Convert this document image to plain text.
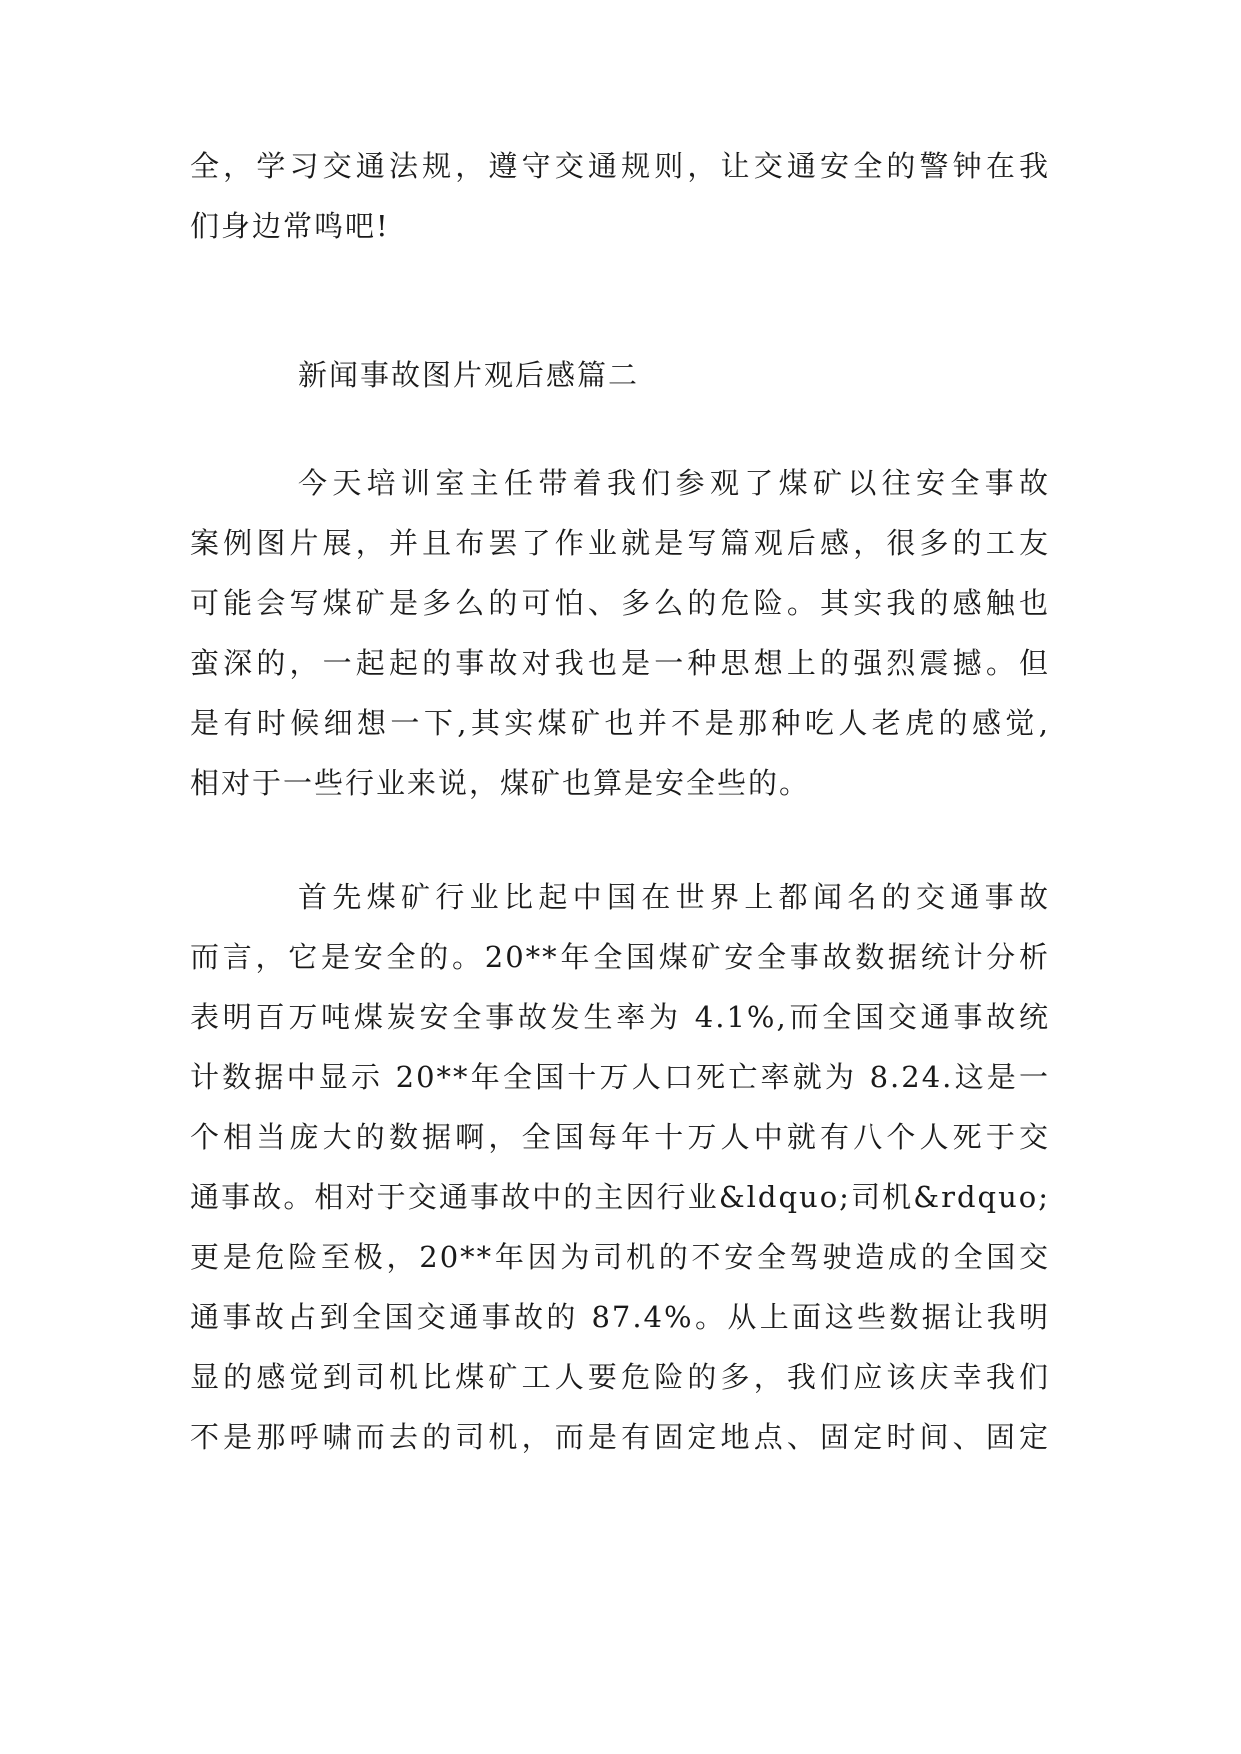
全，学习交通法规，遵守交通规则，让交通安全的警钟在我
们身边常鸣吧!
新闻事故图片观后感篇二
今天培训室主任带着我们参观了煤矿以往安全事故
案例图片展，并且布罢了作业就是写篇观后感，很多的工友
可能会写煤矿是多么的可怕、多么的危险。其实我的感触也
蛮深的，一起起的事故对我也是一种思想上的强烈震撼。但
是有时候细想一下,其实煤矿也并不是那种吃人老虎的感觉,
相对于一些行业来说，煤矿也算是安全些的。
首先煤矿行业比起中国在世界上都闻名的交通事故
而言，它是安全的。20**年全国煤矿安全事故数据统计分析
表明百万吨煤炭安全事故发生率为 4.1%,而全国交通事故统
计数据中显示 20**年全国十万人口死亡率就为 8.24.这是一
个相当庞大的数据啊，全国每年十万人中就有八个人死于交
通事故。相对于交通事故中的主因行业&ldquo;司机&rdquo;
更是危险至极，20**年因为司机的不安全驾驶造成的全国交
通事故占到全国交通事故的 87.4%。从上面这些数据让我明
显的感觉到司机比煤矿工人要危险的多，我们应该庆幸我们
不是那呼啸而去的司机，而是有固定地点、固定时间、固定
